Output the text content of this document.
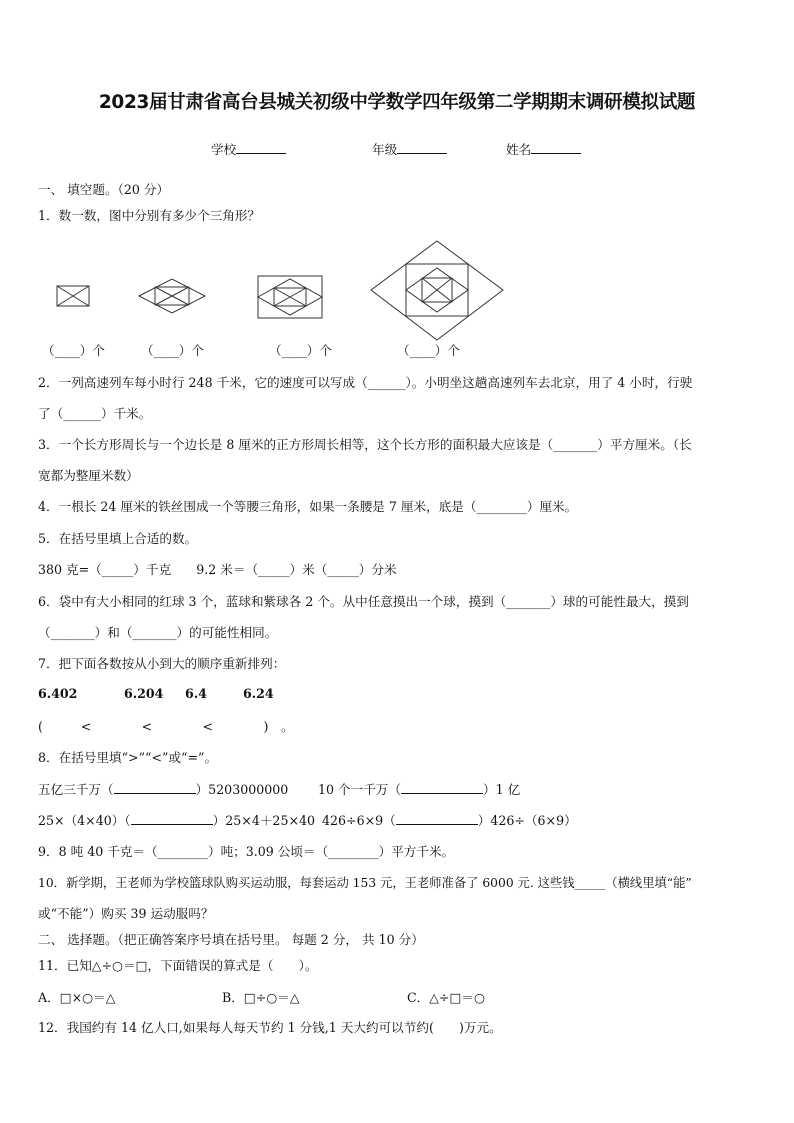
2023届甘肃省高台县城关初级中学数学四年级第二学期期末调研模拟试题
学校	年级	姓名
一、 填空题。（20 分）
1．数一数，图中分别有多少个三角形？
（____）个	（____）个	（____）个	（____）个
2．一列高速列车每小时行 248 千米，它的速度可以写成（______）。小明坐这趟高速列车去北京，用了 4 小时，行驶
了（______）千米。
3．一个长方形周长与一个边长是 8 厘米的正方形周长相等，这个长方形的面积最大应该是（_______）平方厘米。（长
宽都为整厘米数）
4．一根长 24 厘米的铁丝围成一个等腰三角形，如果一条腰是 7 厘米，底是（________）厘米。
5．在括号里填上合适的数。
380 克=（_____）千克　　9.2 米＝（_____）米（_____）分米
6．袋中有大小相同的红球 3 个，蓝球和紫球各 2 个。从中任意摸出一个球，摸到（_______）球的可能性最大，摸到
（_______）和（_______）的可能性相同。
7．把下面各数按从小到大的顺序重新排列：
6.402	6.204 6.4	6.24
(　　　<　　　　<　　　　<　　　　)　。
8．在括号里填“>”“<”或“=”。
五亿三千万（	）5203000000 10 个一千万（	）1 亿
25×（4×40）（	）25×4＋25×40 426÷6×9（	）426÷（6×9）
9．8 吨 40 千克＝（________）吨；3.09 公顷＝（________）平方千米。
10．新学期，王老师为学校篮球队购买运动服，每套运动 153 元，王老师准备了 6000 元. 这些钱_____（横线里填“能”
或“不能”）购买 39 运动服吗？
二、 选择题。（把正确答案序号填在括号里。 每题 2 分， 共 10 分）
11．已知△÷○＝□，下面错误的算式是（　　）。
A．□×○＝△	B．□÷○＝△	C．△÷□＝○
12．我国约有 14 亿人口,如果每人每天节约 1 分钱,1 天大约可以节约(　　)万元。
